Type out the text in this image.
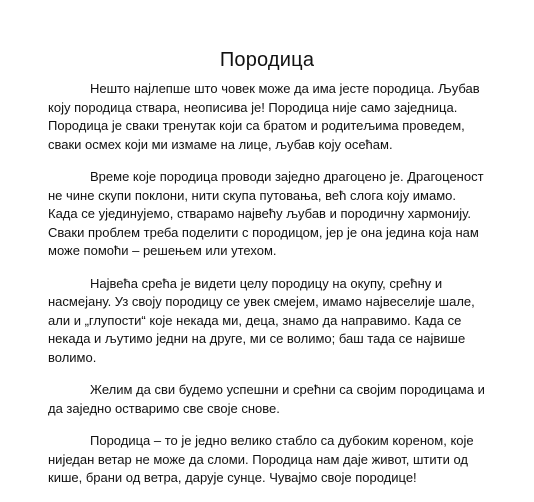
Породица

Нешто најлепше што човек може да има јесте породица. Љубав коју породица ствара, неописива је! Породица није само заједница. Породица је сваки тренутак који са братом и родитељима проведем, сваки осмех који ми измаме на лице, љубав коју осећам.

Време које породица проводи заједно драгоцено је. Драгоценост не чине скупи поклони, нити скупа путовања, већ слога коју имамо. Када се ујединујемо, стварамо највећу љубав и породичну хармонију. Сваки проблем треба поделити с породицом, јер је она једина која нам може помоћи – решењем или утехом.

Највећа срећа је видети целу породицу на окупу, срећну и насмејану. Уз своју породицу се увек смејем, имамо највеселије шале, али и „глупости“ које некада ми, деца, знамо да направимо. Када се некада и љутимо једни на друге, ми се волимо; баш тада се највише волимо.

Желим да сви будемо успешни и срећни са својим породицама и да заједно остваримо све своје снове.

Породица – то је једно велико стабло са дубоким кореном, које ниједан ветар не може да сломи. Породица нам даје живот, штити од кише, брани од ветра, дарује сунце. Чувајмо своје породице!
